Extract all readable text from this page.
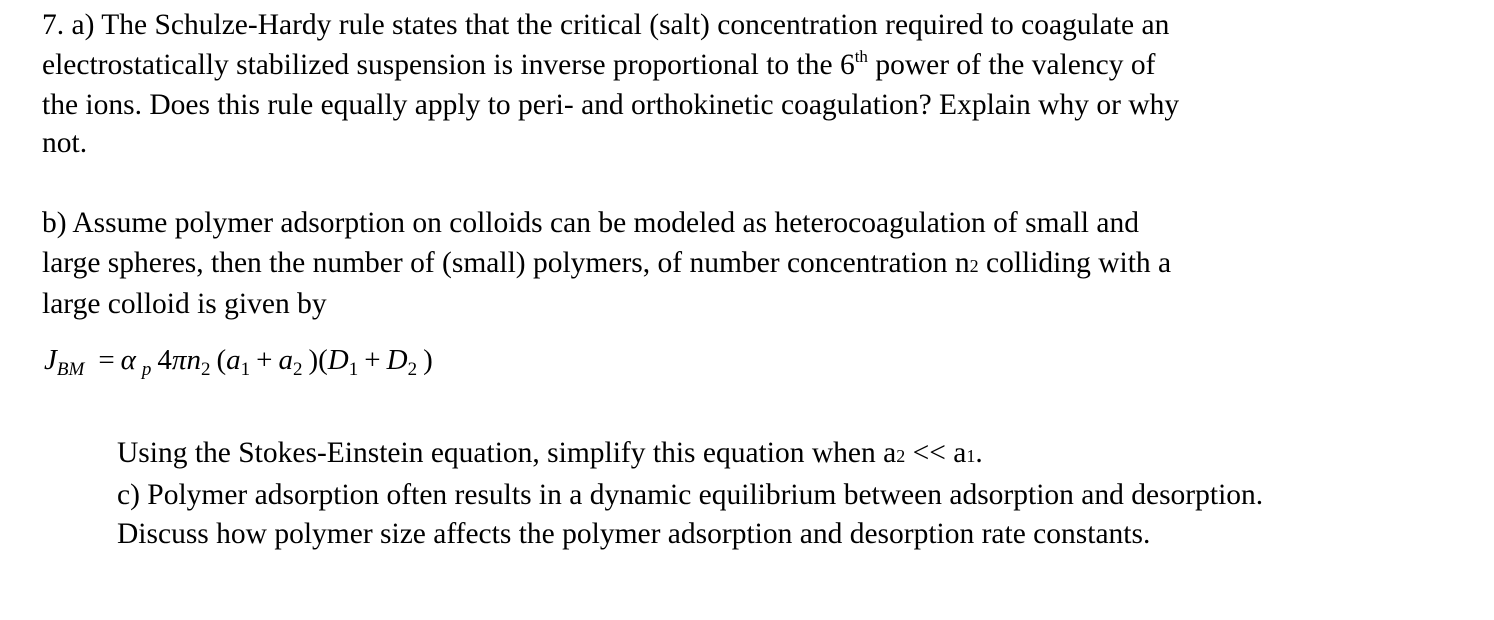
7. a) The Schulze-Hardy rule states that the critical (salt) concentration required to coagulate an
electrostatically stabilized suspension is inverse proportional to the 6th power of the valency of
the ions. Does this rule equally apply to peri- and orthokinetic coagulation? Explain why or why
not.
b) Assume polymer adsorption on colloids can be modeled as heterocoagulation of small and
large spheres, then the number of (small) polymers, of number concentration n2 colliding with a
large colloid is given by
$J_{BM} = \alpha$ $_p$ $4\pi n_2$ ($a_1 + a_2$ )($D_1 + D_2$ )
Using the Stokes-Einstein equation, simplify this equation when a2 << a1.
c) Polymer adsorption often results in a dynamic equilibrium between adsorption and desorption.
Discuss how polymer size affects the polymer adsorption and desorption rate constants.
